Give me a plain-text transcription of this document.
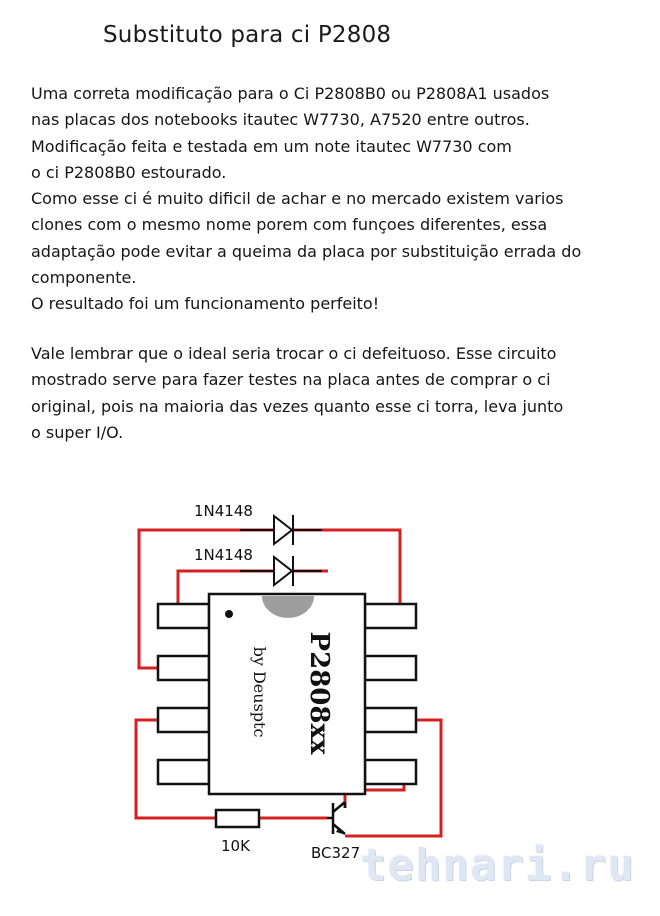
Substituto para ci P2808
Uma correta modificação para o Ci P2808B0 ou P2808A1 usados
nas placas dos notebooks itautec W7730, A7520 entre outros.
Modificação feita e testada em um note itautec W7730 com
o ci P2808B0 estourado.
Como esse ci é muito dificil de achar e no mercado existem varios
clones com o mesmo nome porem com funçoes diferentes, essa
adaptação pode evitar a queima da placa por substituição errada do
componente.
O resultado foi um funcionamento perfeito!
Vale lembrar que o ideal seria trocar o ci defeituoso. Esse circuito
mostrado serve para fazer testes na placa antes de comprar o ci
original, pois na maioria das vezes quanto esse ci torra, leva junto
o super I/O.
1N4148
1N4148
P2808xx
by Deusptc
10K	BC327 tehnari.ru
